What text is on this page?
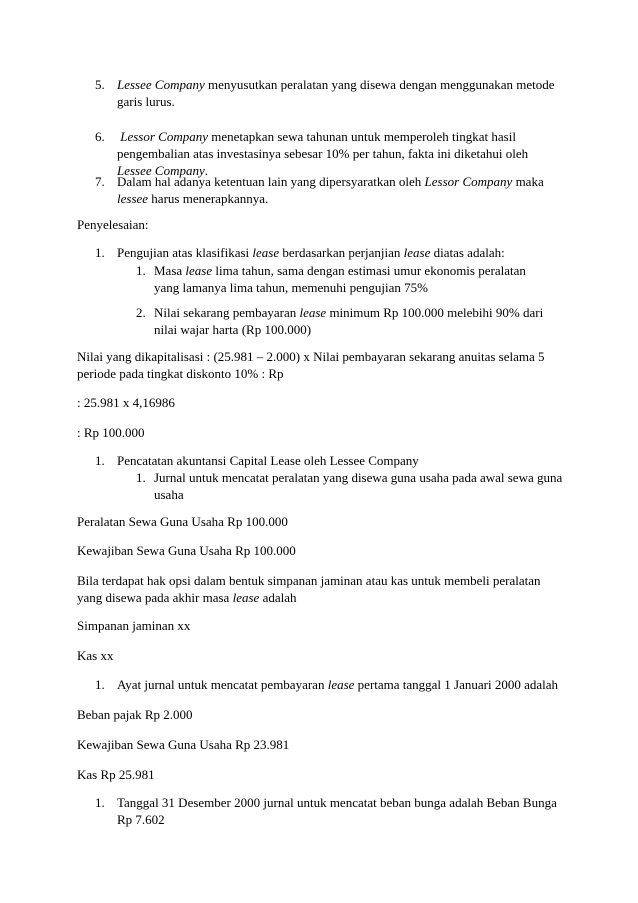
5. Lessee Company menyusutkan peralatan yang disewa dengan menggunakan metode garis lurus.

6. Lessor Company menetapkan sewa tahunan untuk memperoleh tingkat hasil pengembalian atas investasinya sebesar 10% per tahun, fakta ini diketahui oleh Lessee Company.

7. Dalam hal adanya ketentuan lain yang dipersyaratkan oleh Lessor Company maka lessee harus menerapkannya.

Penyelesaian:

1. Pengujian atas klasifikasi lease berdasarkan perjanjian lease diatas adalah:

1. Masa lease lima tahun, sama dengan estimasi umur ekonomis peralatan yang lamanya lima tahun, memenuhi pengujian 75%

2. Nilai sekarang pembayaran lease minimum Rp 100.000 melebihi 90% dari nilai wajar harta (Rp 100.000)

Nilai yang dikapitalisasi : (25.981 – 2.000) x Nilai pembayaran sekarang anuitas selama 5 periode pada tingkat diskonto 10% : Rp

: 25.981 x 4,16986

: Rp 100.000

1. Pencatatan akuntansi Capital Lease oleh Lessee Company

1. Jurnal untuk mencatat peralatan yang disewa guna usaha pada awal sewa guna usaha

Peralatan Sewa Guna Usaha Rp 100.000

Kewajiban Sewa Guna Usaha Rp 100.000

Bila terdapat hak opsi dalam bentuk simpanan jaminan atau kas untuk membeli peralatan yang disewa pada akhir masa lease adalah

Simpanan jaminan xx

Kas xx

1. Ayat jurnal untuk mencatat pembayaran lease pertama tanggal 1 Januari 2000 adalah

Beban pajak Rp 2.000

Kewajiban Sewa Guna Usaha Rp 23.981

Kas Rp 25.981

1. Tanggal 31 Desember 2000 jurnal untuk mencatat beban bunga adalah Beban Bunga Rp 7.602
